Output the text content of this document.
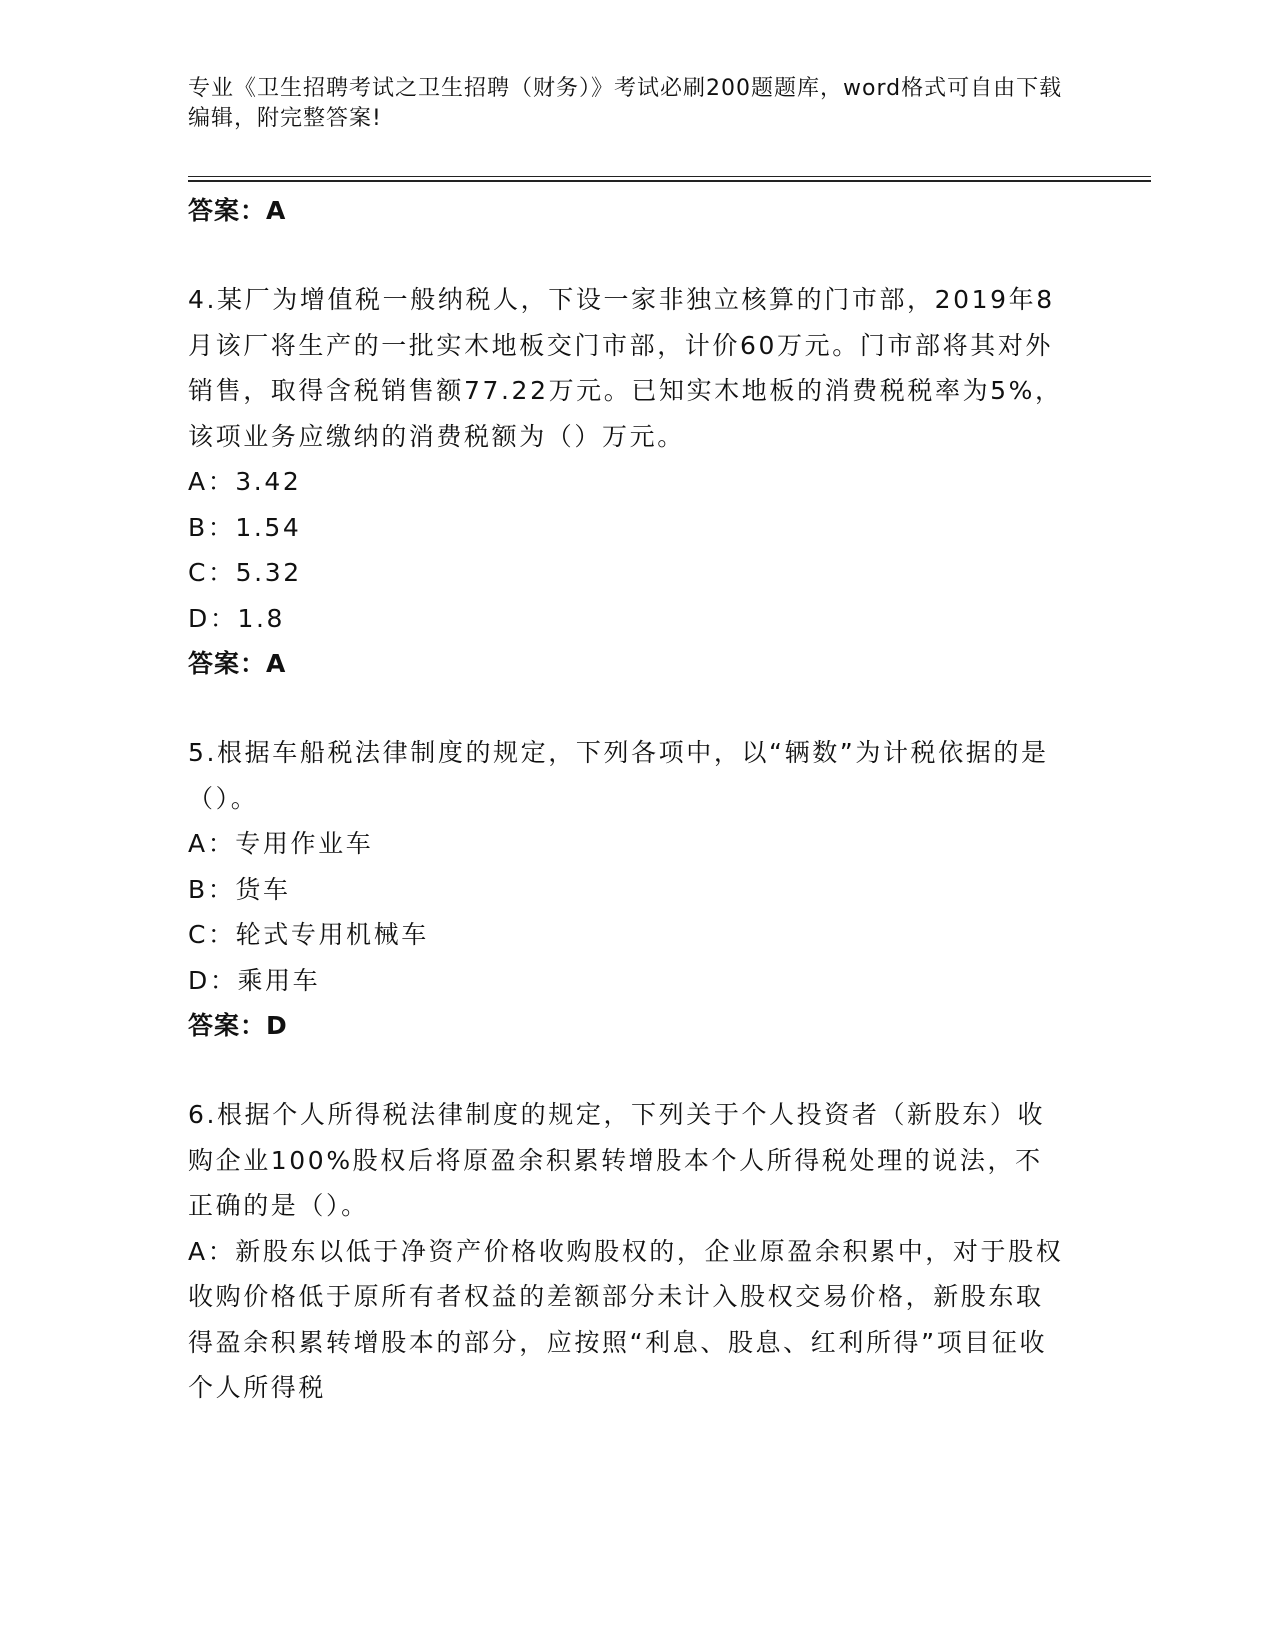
专业《卫生招聘考试之卫生招聘（财务）》考试必刷200题题库，word格式可自由下载编辑，附完整答案!
答案：A
4.某厂为增值税一般纳税人，下设一家非独立核算的门市部，2019年8月该厂将生产的一批实木地板交门市部，计价60万元。门市部将其对外销售，取得含税销售额77.22万元。已知实木地板的消费税税率为5%，该项业务应缴纳的消费税额为（）万元。
A：3.42
B：1.54
C：5.32
D：1.8
答案：A
5.根据车船税法律制度的规定，下列各项中，以“辆数”为计税依据的是（）。
A：专用作业车
B：货车
C：轮式专用机械车
D：乘用车
答案：D
6.根据个人所得税法律制度的规定，下列关于个人投资者（新股东）收购企业100%股权后将原盈余积累转增股本个人所得税处理的说法，不正确的是（）。
A：新股东以低于净资产价格收购股权的，企业原盈余积累中，对于股权收购价格低于原所有者权益的差额部分未计入股权交易价格，新股东取得盈余积累转增股本的部分，应按照“利息、股息、红利所得”项目征收个人所得税
